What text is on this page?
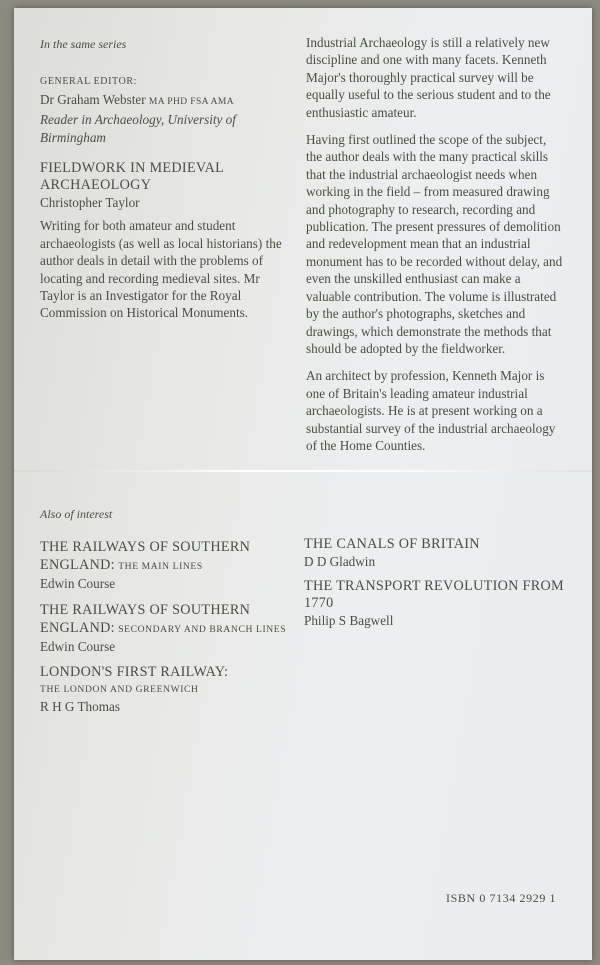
In the same series
GENERAL EDITOR:
Dr Graham Webster MA PHD FSA AMA
Reader in Archaeology, University of Birmingham
FIELDWORK IN MEDIEVAL ARCHAEOLOGY
Christopher Taylor

Writing for both amateur and student archaeologists (as well as local historians) the author deals in detail with the problems of locating and recording medieval sites. Mr Taylor is an Investigator for the Royal Commission on Historical Monuments.

Industrial Archaeology is still a relatively new discipline and one with many facets. Kenneth Major's thoroughly practical survey will be equally useful to the serious student and to the enthusiastic amateur.

Having first outlined the scope of the subject, the author deals with the many practical skills that the industrial archaeologist needs when working in the field – from measured drawing and photography to research, recording and publication. The present pressures of demolition and redevelopment mean that an industrial monument has to be recorded without delay, and even the unskilled enthusiast can make a valuable contribution. The volume is illustrated by the author's photographs, sketches and drawings, which demonstrate the methods that should be adopted by the fieldworker.

An architect by profession, Kenneth Major is one of Britain's leading amateur industrial archaeologists. He is at present working on a substantial survey of the industrial archaeology of the Home Counties.

Also of interest
THE RAILWAYS OF SOUTHERN ENGLAND: THE MAIN LINES
Edwin Course
THE RAILWAYS OF SOUTHERN ENGLAND: SECONDARY AND BRANCH LINES
Edwin Course
LONDON'S FIRST RAILWAY:
THE LONDON AND GREENWICH
R H G Thomas
THE CANALS OF BRITAIN
D D Gladwin
THE TRANSPORT REVOLUTION FROM 1770
Philip S Bagwell
ISBN 0 7134 2929 1
